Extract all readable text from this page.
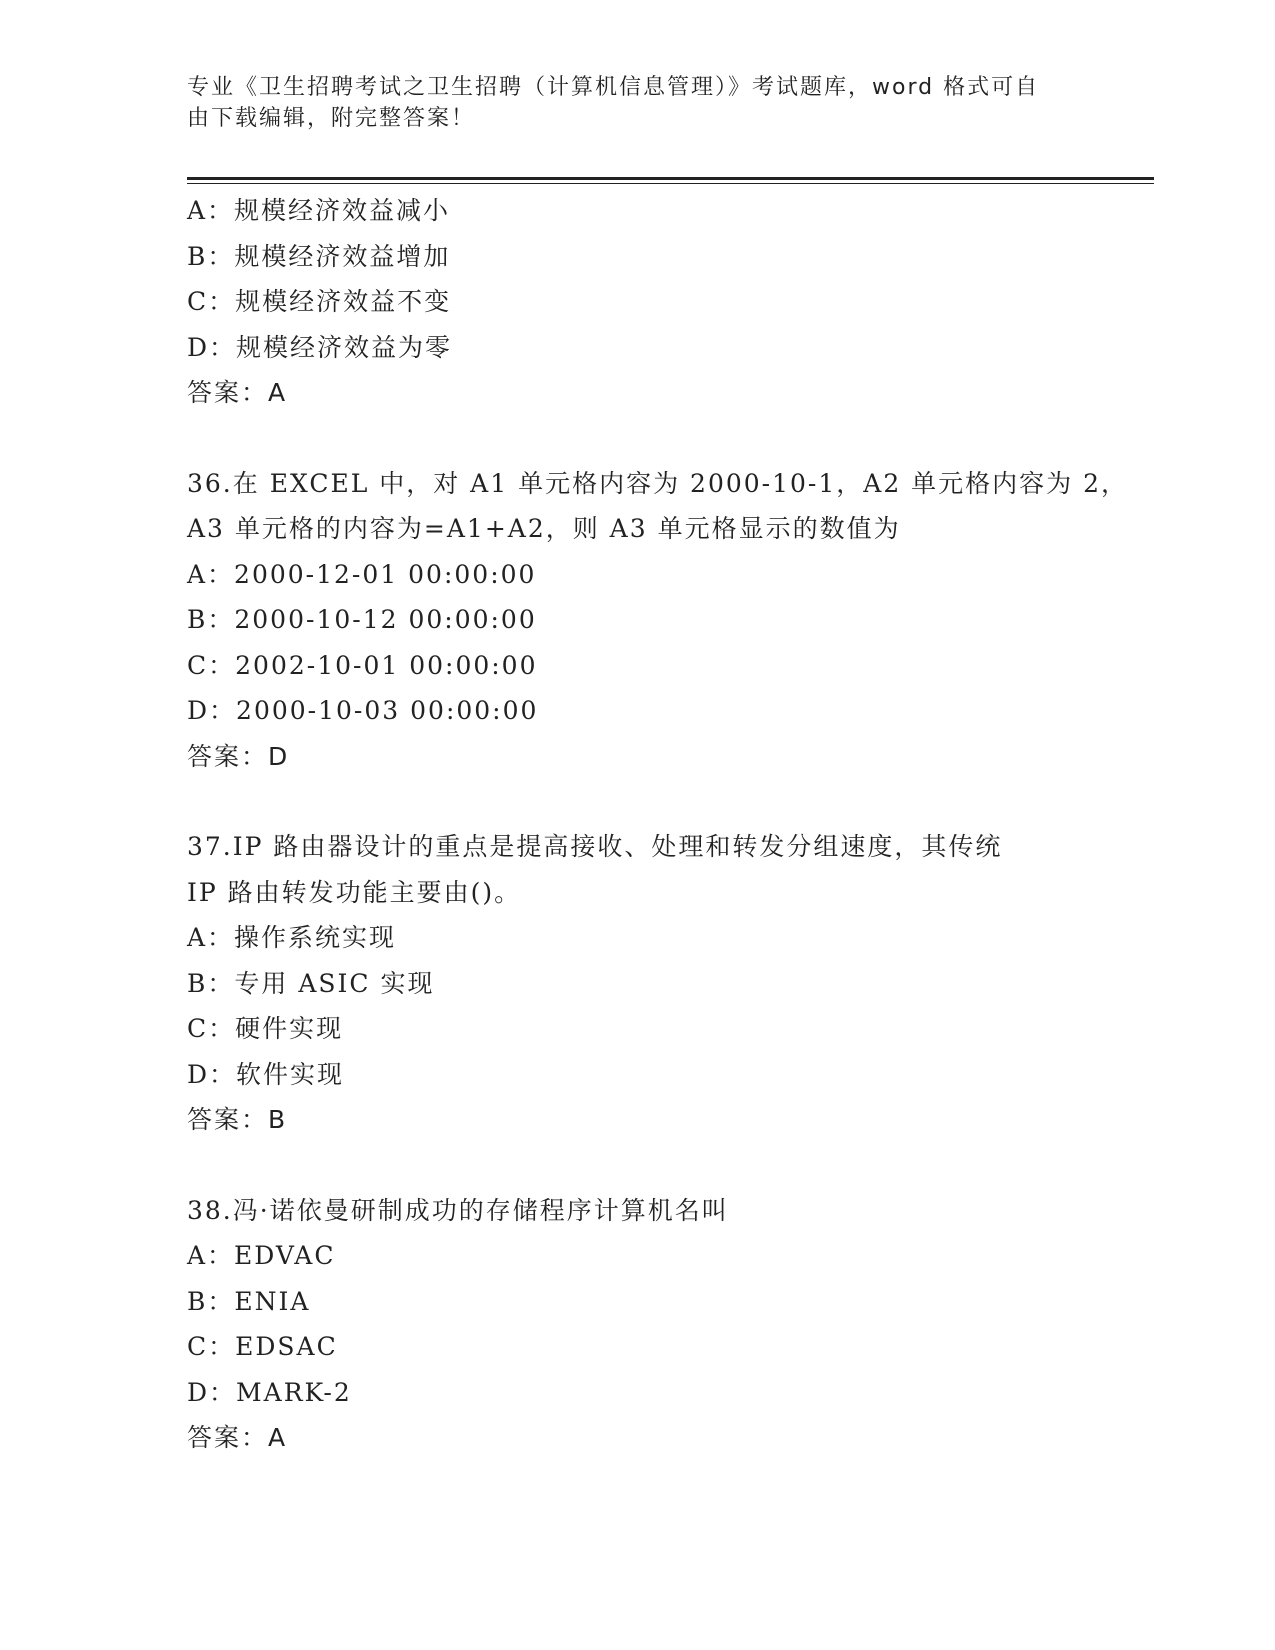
专业《卫生招聘考试之卫生招聘（计算机信息管理）》考试题库，word 格式可自
由下载编辑，附完整答案！
A：规模经济效益减小
B：规模经济效益增加
C：规模经济效益不变
D：规模经济效益为零
答案：A
36.在 EXCEL 中，对 A1 单元格内容为 2000-10-1，A2 单元格内容为 2，
A3 单元格的内容为=A1+A2，则 A3 单元格显示的数值为
A：2000-12-01 00:00:00
B：2000-10-12 00:00:00
C：2002-10-01 00:00:00
D：2000-10-03 00:00:00
答案：D
37.IP 路由器设计的重点是提高接收、处理和转发分组速度，其传统
IP 路由转发功能主要由()。
A：操作系统实现
B：专用 ASIC 实现
C：硬件实现
D：软件实现
答案：B
38.冯·诺依曼研制成功的存储程序计算机名叫
A：EDVAC
B：ENIA
C：EDSAC
D：MARK-2
答案：A
